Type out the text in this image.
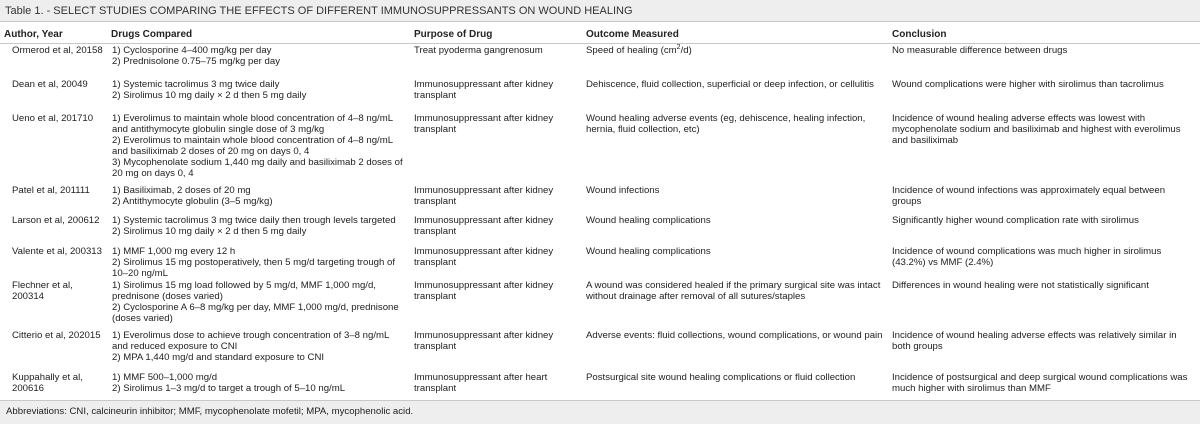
Table 1. - SELECT STUDIES COMPARING THE EFFECTS OF DIFFERENT IMMUNOSUPPRESSANTS ON WOUND HEALING
Author, Year	Drugs Compared	Purpose of Drug	Outcome Measured	Conclusion
Ormerod et al, 20158	1) Cyclosporine 4–400 mg/kg per day
2) Prednisolone 0.75–75 mg/kg per day	Treat pyoderma gangrenosum	Speed of healing $(cm^2/d)$	No measurable difference between drugs
Dean et al, 20049	1) Systemic tacrolimus 3 mg twice daily
2) Sirolimus 10 mg daily × 2 d then 5 mg daily	Immunosuppressant after kidney transplant	Dehiscence, fluid collection, superficial or deep infection, or cellulitis	Wound complications were higher with sirolimus than tacrolimus
Ueno et al, 201710	1) Everolimus to maintain whole blood concentration of 4–8 ng/mL and antithymocyte globulin single dose of 3 mg/kg
2) Everolimus to maintain whole blood concentration of 4–8 ng/mL and basiliximab 2 doses of 20 mg on days 0, 4
3) Mycophenolate sodium 1,440 mg daily and basiliximab 2 doses of 20 mg on days 0, 4	Immunosuppressant after kidney transplant	Wound healing adverse events (eg, dehiscence, healing infection, hernia, fluid collection, etc)	Incidence of wound healing adverse effects was lowest with mycophenolate sodium and basiliximab and highest with everolimus and basiliximab
Patel et al, 201111	1) Basiliximab, 2 doses of 20 mg
2) Antithymocyte globulin (3–5 mg/kg)	Immunosuppressant after kidney transplant	Wound infections	Incidence of wound infections was approximately equal between groups
Larson et al, 200612	1) Systemic tacrolimus 3 mg twice daily then trough levels targeted
2) Sirolimus 10 mg daily × 2 d then 5 mg daily	Immunosuppressant after kidney transplant	Wound healing complications	Significantly higher wound complication rate with sirolimus
Valente et al, 200313	1) MMF 1,000 mg every 12 h
2) Sirolimus 15 mg postoperatively, then 5 mg/d targeting trough of 10–20 ng/mL	Immunosuppressant after kidney transplant	Wound healing complications	Incidence of wound complications was much higher in sirolimus (43.2%) vs MMF (2.4%)
Flechner et al, 200314	1) Sirolimus 15 mg load followed by 5 mg/d, MMF 1,000 mg/d, prednisone (doses varied)
2) Cyclosporine A 6–8 mg/kg per day, MMF 1,000 mg/d, prednisone (doses varied)	Immunosuppressant after kidney transplant	A wound was considered healed if the primary surgical site was intact without drainage after removal of all sutures/staples	Differences in wound healing were not statistically significant
Citterio et al, 202015	1) Everolimus dose to achieve trough concentration of 3–8 ng/mL and reduced exposure to CNI
2) MPA 1,440 mg/d and standard exposure to CNI	Immunosuppressant after kidney transplant	Adverse events: fluid collections, wound complications, or wound pain	Incidence of wound healing adverse effects was relatively similar in both groups
Kuppahally et al, 200616	1) MMF 500–1,000 mg/d
2) Sirolimus 1–3 mg/d to target a trough of 5–10 ng/mL	Immunosuppressant after heart transplant	Postsurgical site wound healing complications or fluid collection	Incidence of postsurgical and deep surgical wound complications was much higher with sirolimus than MMF
Abbreviations: CNI, calcineurin inhibitor; MMF, mycophenolate mofetil; MPA, mycophenolic acid.
